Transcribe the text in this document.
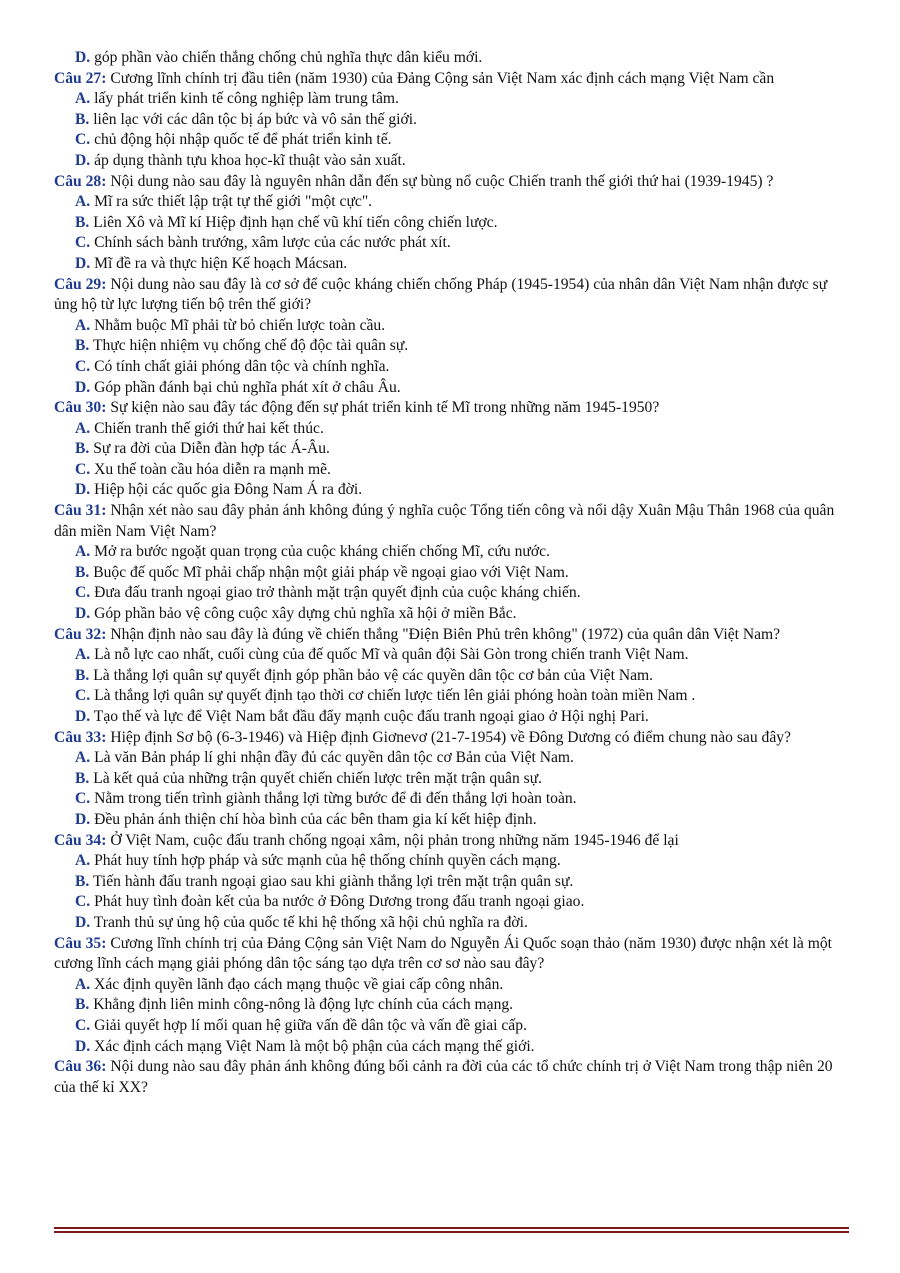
D. góp phần vào chiến thắng chống chủ nghĩa thực dân kiểu mới.

Câu 27: Cương lĩnh chính trị đầu tiên (năm 1930) của Đảng Cộng sản Việt Nam xác định cách mạng Việt Nam cần

A. lấy phát triển kinh tế công nghiệp làm trung tâm.

B. liên lạc với các dân tộc bị áp bức và vô sản thế giới.

C. chủ động hội nhập quốc tế để phát triển kinh tế.

D. áp dụng thành tựu khoa học-kĩ thuật vào sản xuất.

Câu 28: Nội dung nào sau đây là nguyên nhân dẫn đến sự bùng nổ cuộc Chiến tranh thế giới thứ hai (1939-1945) ?

A. Mĩ ra sức thiết lập trật tự thế giới "một cực".

B. Liên Xô và Mĩ kí Hiệp định hạn chế vũ khí tiến công chiến lược.

C. Chính sách bành trướng, xâm lược của các nước phát xít.

D. Mĩ đề ra và thực hiện Kế hoạch Mácsan.

Câu 29: Nội dung nào sau đây là cơ sở để cuộc kháng chiến chống Pháp (1945-1954) của nhân dân Việt Nam nhận được sự ủng hộ từ lực lượng tiến bộ trên thế giới?

A. Nhằm buộc Mĩ phải từ bỏ chiến lược toàn cầu.

B. Thực hiện nhiệm vụ chống chế độ độc tài quân sự.

C. Có tính chất giải phóng dân tộc và chính nghĩa.

D. Góp phần đánh bại chủ nghĩa phát xít ở châu Âu.

Câu 30: Sự kiện nào sau đây tác động đến sự phát triển kinh tế Mĩ trong những năm 1945-1950?

A. Chiến tranh thế giới thứ hai kết thúc.

B. Sự ra đời của Diễn đàn hợp tác Á-Âu.

C. Xu thế toàn cầu hóa diễn ra mạnh mẽ.

D. Hiệp hội các quốc gia Đông Nam Á ra đời.

Câu 31: Nhận xét nào sau đây phản ánh không đúng ý nghĩa cuộc Tổng tiến công và nổi dậy Xuân Mậu Thân 1968 của quân dân miền Nam Việt Nam?

A. Mở ra bước ngoặt quan trọng của cuộc kháng chiến chống Mĩ, cứu nước.

B. Buộc đế quốc Mĩ phải chấp nhận một giải pháp về ngoại giao với Việt Nam.

C. Đưa đấu tranh ngoại giao trở thành mặt trận quyết định của cuộc kháng chiến.

D. Góp phần bảo vệ công cuộc xây dựng chủ nghĩa xã hội ở miền Bắc.

Câu 32: Nhận định nào sau đây là đúng về chiến thắng "Điện Biên Phủ trên không" (1972) của quân dân Việt Nam?

A. Là nỗ lực cao nhất, cuối cùng của đế quốc Mĩ và quân đội Sài Gòn trong chiến tranh Việt Nam.

B. Là thắng lợi quân sự quyết định góp phần bảo vệ các quyền dân tộc cơ bản của Việt Nam.

C. Là thắng lợi quân sự quyết định tạo thời cơ chiến lược tiến lên giải phóng hoàn toàn miền Nam .

D. Tạo thế và lực để Việt Nam bắt đầu đẩy mạnh cuộc đấu tranh ngoại giao ở Hội nghị Pari.

Câu 33: Hiệp định Sơ bộ (6-3-1946) và Hiệp định Giơnevơ (21-7-1954) về Đông Dương có điểm chung nào sau đây?

A. Là văn Bản pháp lí ghi nhận đầy đủ các quyền dân tộc cơ Bản của Việt Nam.

B. Là kết quả của những trận quyết chiến chiến lược trên mặt trận quân sự.

C. Nằm trong tiến trình giành thắng lợi từng bước để đi đến thắng lợi hoàn toàn.

D. Đều phản ánh thiện chí hòa bình của các bên tham gia kí kết hiệp định.

Câu 34: Ở Việt Nam, cuộc đấu tranh chống ngoại xâm, nội phản trong những năm 1945-1946 để lại

A. Phát huy tính hợp pháp và sức mạnh của hệ thống chính quyền cách mạng.

B. Tiến hành đấu tranh ngoại giao sau khi giành thắng lợi trên mặt trận quân sự.

C. Phát huy tình đoàn kết của ba nước ở Đông Dương trong đấu tranh ngoại giao.

D. Tranh thủ sự ủng hộ của quốc tế khi hệ thống xã hội chủ nghĩa ra đời.

Câu 35: Cương lĩnh chính trị của Đảng Cộng sản Việt Nam do Nguyễn Ái Quốc soạn thảo (năm 1930) được nhận xét là một cương lĩnh cách mạng giải phóng dân tộc sáng tạo dựa trên cơ sơ nào sau đây?

A. Xác định quyền lãnh đạo cách mạng thuộc về giai cấp công nhân.

B. Khẳng định liên minh công-nông là động lực chính của cách mạng.

C. Giải quyết hợp lí mối quan hệ giữa vấn đề dân tộc và vấn đề giai cấp.

D. Xác định cách mạng Việt Nam là một bộ phận của cách mạng thế giới.

Câu 36: Nội dung nào sau đây phản ánh không đúng bối cảnh ra đời của các tổ chức chính trị ở Việt Nam trong thập niên 20 của thế kỉ XX?
